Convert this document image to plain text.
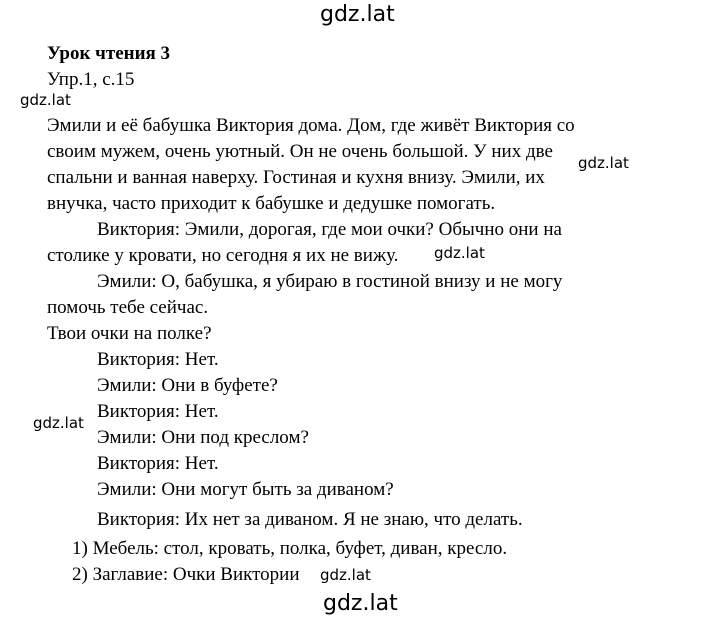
gdz.lat
gdz.lat
gdz.lat
gdz.lat
gdz.lat
gdz.lat
gdz.lat
Урок чтения 3
Упр.1, с.15
Эмили и её бабушка Виктория дома. Дом, где живёт Виктория со
своим мужем, очень уютный. Он не очень большой. У них две
спальни и ванная наверху. Гостиная и кухня внизу. Эмили, их
внучка, часто приходит к бабушке и дедушке помогать.
Виктория: Эмили, дорогая, где мои очки? Обычно они на
столике у кровати, но сегодня я их не вижу.
Эмили: О, бабушка, я убираю в гостиной внизу и не могу
помочь тебе сейчас.
Твои очки на полке?
Виктория: Нет.
Эмили: Они в буфете?
Виктория: Нет.
Эмили: Они под креслом?
Виктория: Нет.
Эмили: Они могут быть за диваном?
Виктория: Их нет за диваном. Я не знаю, что делать.
1) Мебель: стол, кровать, полка, буфет, диван, кресло.
2) Заглавие: Очки Виктории
